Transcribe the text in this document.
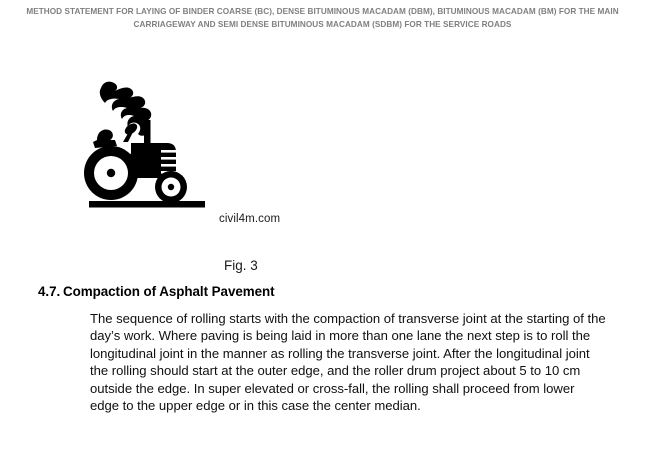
METHOD STATEMENT FOR LAYING OF BINDER COARSE (BC), DENSE BITUMINOUS MACADAM (DBM), BITUMINOUS MACADAM (BM) FOR THE MAIN CARRIAGEWAY AND SEMI DENSE BITUMINOUS MACADAM (SDBM) FOR THE SERVICE ROADS
civil4m.com
Fig. 3
4.7. Compaction of Asphalt Pavement

The sequence of rolling starts with the compaction of transverse joint at the starting of the day’s work. Where paving is being laid in more than one lane the next step is to roll the longitudinal joint in the manner as rolling the transverse joint. After the longitudinal joint the rolling should start at the outer edge, and the roller drum project about 5 to 10 cm outside the edge. In super elevated or cross-fall, the rolling shall proceed from lower edge to the upper edge or in this case the center median.
